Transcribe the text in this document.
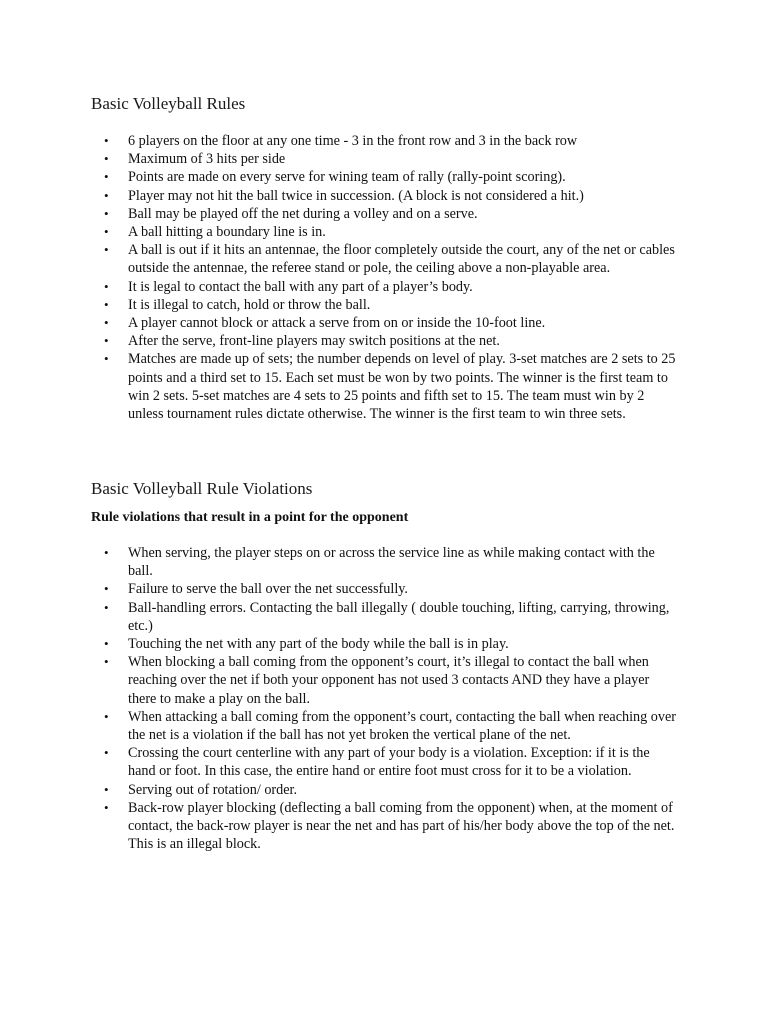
Basic Volleyball Rules
•	6 players on the floor at any one time - 3 in the front row and 3 in the back row
•	Maximum of 3 hits per side
•	Points are made on every serve for wining team of rally (rally-point scoring).
•	Player may not hit the ball twice in succession. (A block is not considered a hit.)
•	Ball may be played off the net during a volley and on a serve.
•	A ball hitting a boundary line is in.
•	A ball is out if it hits an antennae, the floor completely outside the court, any of the net or cables outside the antennae, the referee stand or pole, the ceiling above a non-playable area.
•	It is legal to contact the ball with any part of a player’s body.
•	It is illegal to catch, hold or throw the ball.
•	A player cannot block or attack a serve from on or inside the 10-foot line.
•	After the serve, front-line players may switch positions at the net.
•	Matches are made up of sets; the number depends on level of play. 3-set matches are 2 sets to 25 points and a third set to 15. Each set must be won by two points. The winner is the first team to win 2 sets. 5-set matches are 4 sets to 25 points and fifth set to 15. The team must win by 2 unless tournament rules dictate otherwise. The winner is the first team to win three sets.
Basic Volleyball Rule Violations
Rule violations that result in a point for the opponent
•	When serving, the player steps on or across the service line as while making contact with the ball.
•	Failure to serve the ball over the net successfully.
•	Ball-handling errors. Contacting the ball illegally ( double touching, lifting, carrying, throwing, etc.)
•	Touching the net with any part of the body while the ball is in play.
•	When blocking a ball coming from the opponent’s court, it’s illegal to contact the ball when reaching over the net if both your opponent has not used 3 contacts AND they have a player there to make a play on the ball.
•	When attacking a ball coming from the opponent’s court, contacting the ball when reaching over the net is a violation if the ball has not yet broken the vertical plane of the net.
•	Crossing the court centerline with any part of your body is a violation. Exception: if it is the hand or foot. In this case, the entire hand or entire foot must cross for it to be a violation.
•	Serving out of rotation/ order.
•	Back-row player blocking (deflecting a ball coming from the opponent) when, at the moment of contact, the back-row player is near the net and has part of his/her body above the top of the net. This is an illegal block.
